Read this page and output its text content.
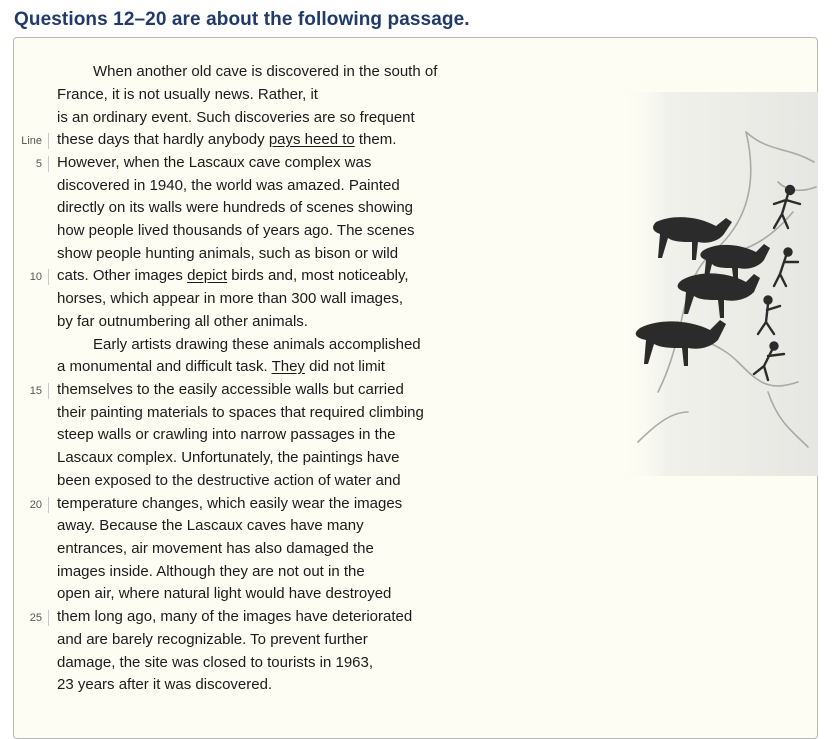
Questions 12–20 are about the following passage.
Line
5
10
15
20
25
When another old cave is discovered in the south of
France, it is not usually news. Rather, it
is an ordinary event. Such discoveries are so frequent
these days that hardly anybody pays heed to them.
However, when the Lascaux cave complex was
discovered in 1940, the world was amazed. Painted
directly on its walls were hundreds of scenes showing
how people lived thousands of years ago. The scenes
show people hunting animals, such as bison or wild
cats. Other images depict birds and, most noticeably,
horses, which appear in more than 300 wall images,
by far outnumbering all other animals.
Early artists drawing these animals accomplished
a monumental and difficult task. They did not limit
themselves to the easily accessible walls but carried
their painting materials to spaces that required climbing
steep walls or crawling into narrow passages in the
Lascaux complex. Unfortunately, the paintings have
been exposed to the destructive action of water and
temperature changes, which easily wear the images
away. Because the Lascaux caves have many
entrances, air movement has also damaged the
images inside. Although they are not out in the
open air, where natural light would have destroyed
them long ago, many of the images have deteriorated
and are barely recognizable. To prevent further
damage, the site was closed to tourists in 1963,
23 years after it was discovered.
